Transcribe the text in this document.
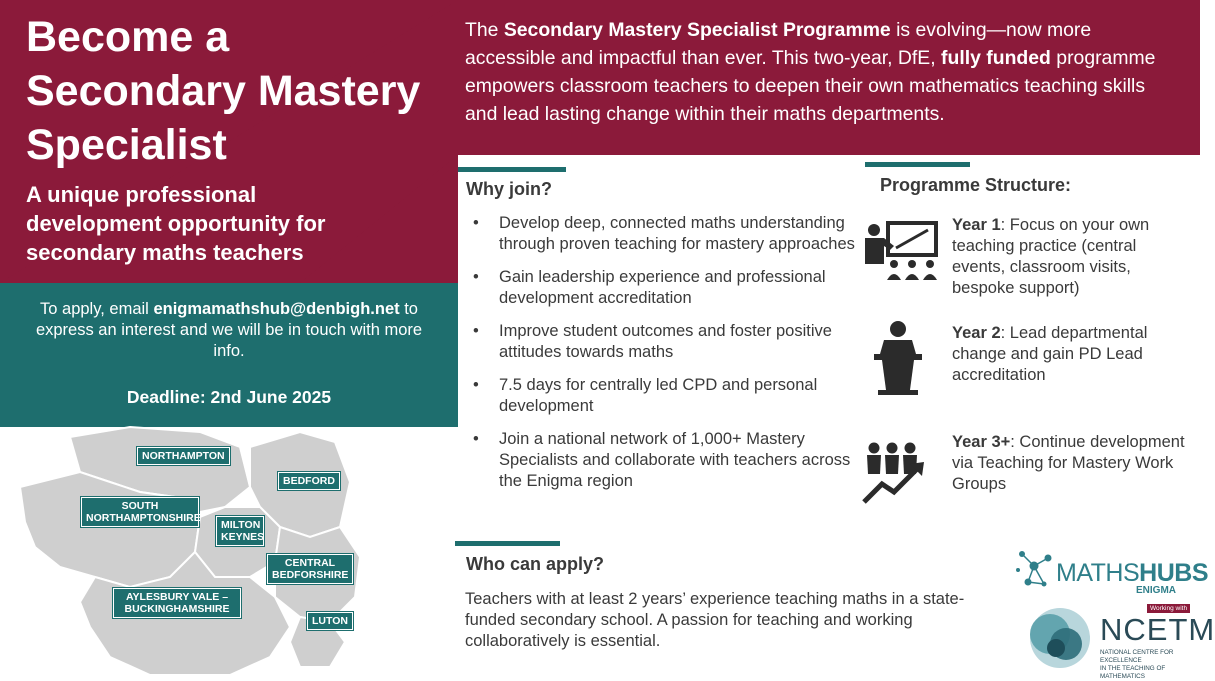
Become a Secondary Mastery Specialist
A unique professional development opportunity for secondary maths teachers
The Secondary Mastery Specialist Programme is evolving—now more accessible and impactful than ever. This two-year, DfE, fully funded programme empowers classroom teachers to deepen their own mathematics teaching skills and lead lasting change within their maths departments.
To apply, email enigmamathshub@denbigh.net to express an interest and we will be in touch with more info.
Deadline: 2nd June 2025
NORTHAMPTON
BEDFORD
SOUTH NORTHAMPTONSHIRE
MILTON KEYNES
CENTRAL BEDFORSHIRE
AYLESBURY VALE – BUCKINGHAMSHIRE
LUTON
Why join?
• Develop deep, connected maths understanding through proven teaching for mastery approaches
• Gain leadership experience and professional development accreditation
• Improve student outcomes and foster positive attitudes towards maths
• 7.5 days for centrally led CPD and personal development
• Join a national network of 1,000+ Mastery Specialists and collaborate with teachers across the Enigma region
Programme Structure:
Year 1: Focus on your own teaching practice (central events, classroom visits, bespoke support)
Year 2: Lead departmental change and gain PD Lead accreditation
Year 3+: Continue development via Teaching for Mastery Work Groups
Who can apply?
Teachers with at least 2 years’ experience teaching maths in a state-funded secondary school. A passion for teaching and working collaboratively is essential.
MATHSHUBS
ENIGMA
Working with
NCETM
NATIONAL CENTRE FOR EXCELLENCE
IN THE TEACHING OF MATHEMATICS
